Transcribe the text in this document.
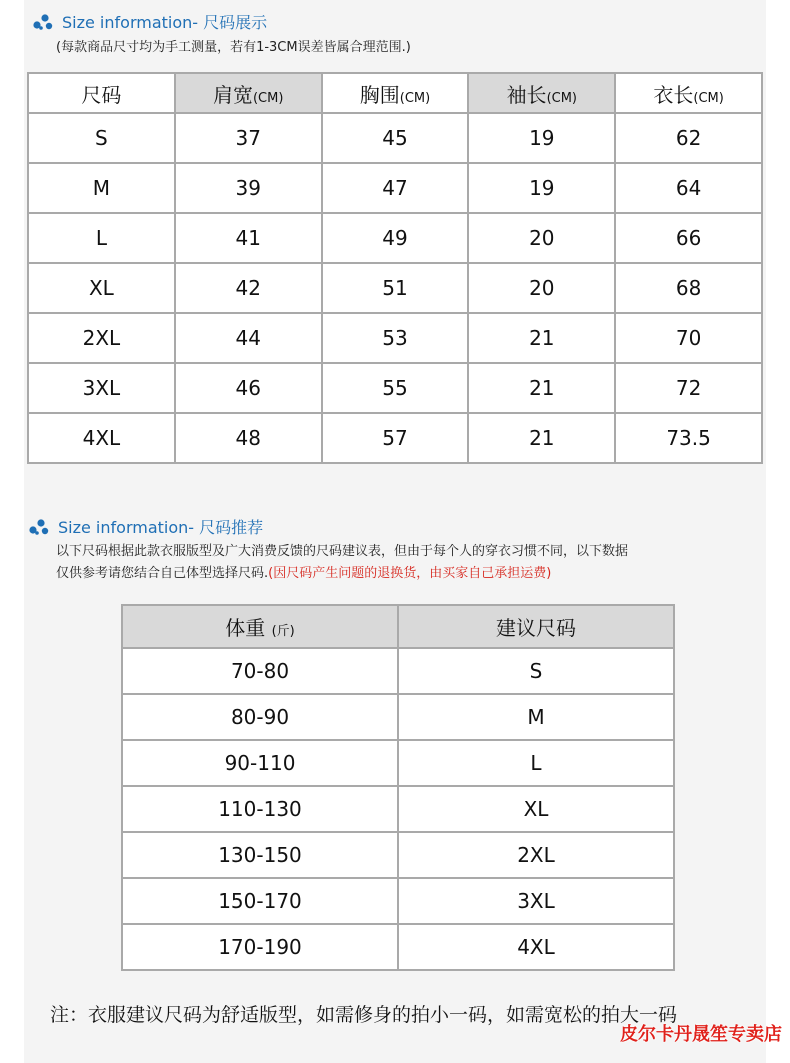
Size information- 尺码展示
(每款商品尺寸均为手工测量，若有1-3CM误差皆属合理范围.)
尺码	肩宽(CM)	胸围(CM)	袖长(CM)	衣长(CM)
S	37	45	19	62
M	39	47	19	64
L	41	49	20	66
XL	42	51	20	68
2XL	44	53	21	70
3XL	46	55	21	72
4XL	48	57	21	73.5
Size information- 尺码推荐
以下尺码根据此款衣服版型及广大消费反馈的尺码建议表，但由于每个人的穿衣习惯不同，以下数据
仅供参考请您结合自己体型选择尺码.(因尺码产生问题的退换货，由买家自己承担运费)
体重 (斤)	建议尺码
70-80	S
80-90	M
90-110	L
110-130	XL
130-150	2XL
150-170	3XL
170-190	4XL
注：衣服建议尺码为舒适版型，如需修身的拍小一码，如需宽松的拍大一码
皮尔卡丹晟笙专卖店
